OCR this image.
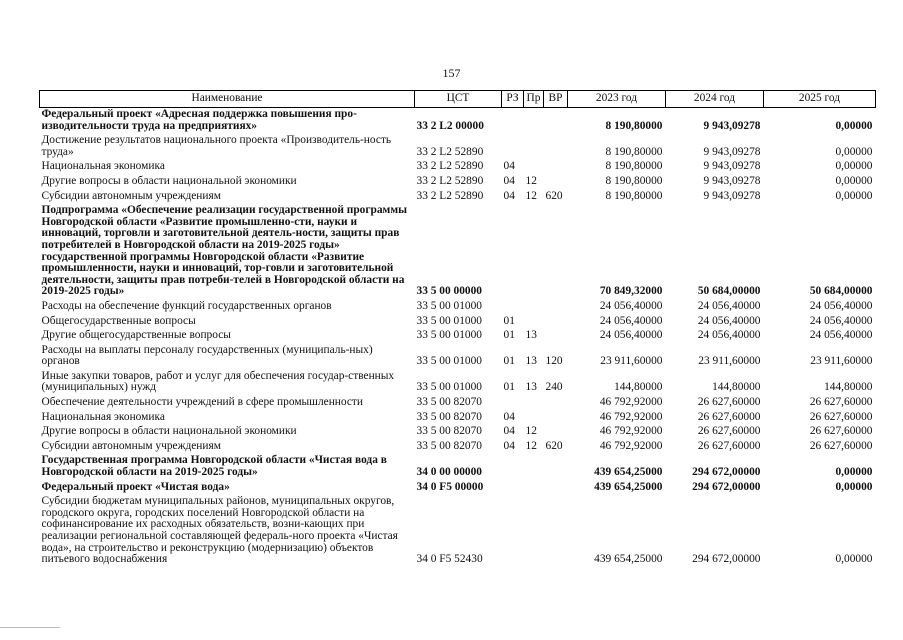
157
Наименование	ЦСТ	РЗ	Пр	ВР	2023 год	2024 год	2025 год
Федеральный проект «Адресная поддержка повышения про-изводительности труда на предприятиях»	33 2 L2 00000				8 190,80000	9 943,09278	0,00000
Достижение результатов национального проекта «Производитель-ность труда»	33 2 L2 52890				8 190,80000	9 943,09278	0,00000
Национальная экономика	33 2 L2 52890	04			8 190,80000	9 943,09278	0,00000
Другие вопросы в области национальной экономики	33 2 L2 52890	04	12		8 190,80000	9 943,09278	0,00000
Субсидии автономным учреждениям	33 2 L2 52890	04	12	620	8 190,80000	9 943,09278	0,00000
Подпрограмма «Обеспечение реализации государственной программы Новгородской области «Развитие промышленно-сти, науки и инноваций, торговли и заготовительной деятель-ности, защиты прав потребителей в Новгородской области на 2019-2025 годы» государственной программы Новгородской области «Развитие промышленности, науки и инноваций, тор-говли и заготовительной деятельности, защиты прав потреби-телей в Новгородской области на 2019-2025 годы»	33 5 00 00000				70 849,32000	50 684,00000	50 684,00000
Расходы на обеспечение функций государственных органов	33 5 00 01000				24 056,40000	24 056,40000	24 056,40000
Общегосударственные вопросы	33 5 00 01000	01			24 056,40000	24 056,40000	24 056,40000
Другие общегосударственные вопросы	33 5 00 01000	01	13		24 056,40000	24 056,40000	24 056,40000
Расходы на выплаты персоналу государственных (муниципаль-ных) органов	33 5 00 01000	01	13	120	23 911,60000	23 911,60000	23 911,60000
Иные закупки товаров, работ и услуг для обеспечения государ-ственных (муниципальных) нужд	33 5 00 01000	01	13	240	144,80000	144,80000	144,80000
Обеспечение деятельности учреждений в сфере промышленности	33 5 00 82070				46 792,92000	26 627,60000	26 627,60000
Национальная экономика	33 5 00 82070	04			46 792,92000	26 627,60000	26 627,60000
Другие вопросы в области национальной экономики	33 5 00 82070	04	12		46 792,92000	26 627,60000	26 627,60000
Субсидии автономным учреждениям	33 5 00 82070	04	12	620	46 792,92000	26 627,60000	26 627,60000
Государственная программа Новгородской области «Чистая вода в Новгородской области на 2019-2025 годы»	34 0 00 00000				439 654,25000	294 672,00000	0,00000
Федеральный проект «Чистая вода»	34 0 F5 00000				439 654,25000	294 672,00000	0,00000
Субсидии бюджетам муниципальных районов, муниципальных округов, городского округа, городских поселений Новгородской области на софинансирование их расходных обязательств, возни-кающих при реализации региональной составляющей федераль-ного проекта «Чистая вода», на строительство и реконструкцию (модернизацию) объектов питьевого водоснабжения	34 0 F5 52430				439 654,25000	294 672,00000	0,00000
